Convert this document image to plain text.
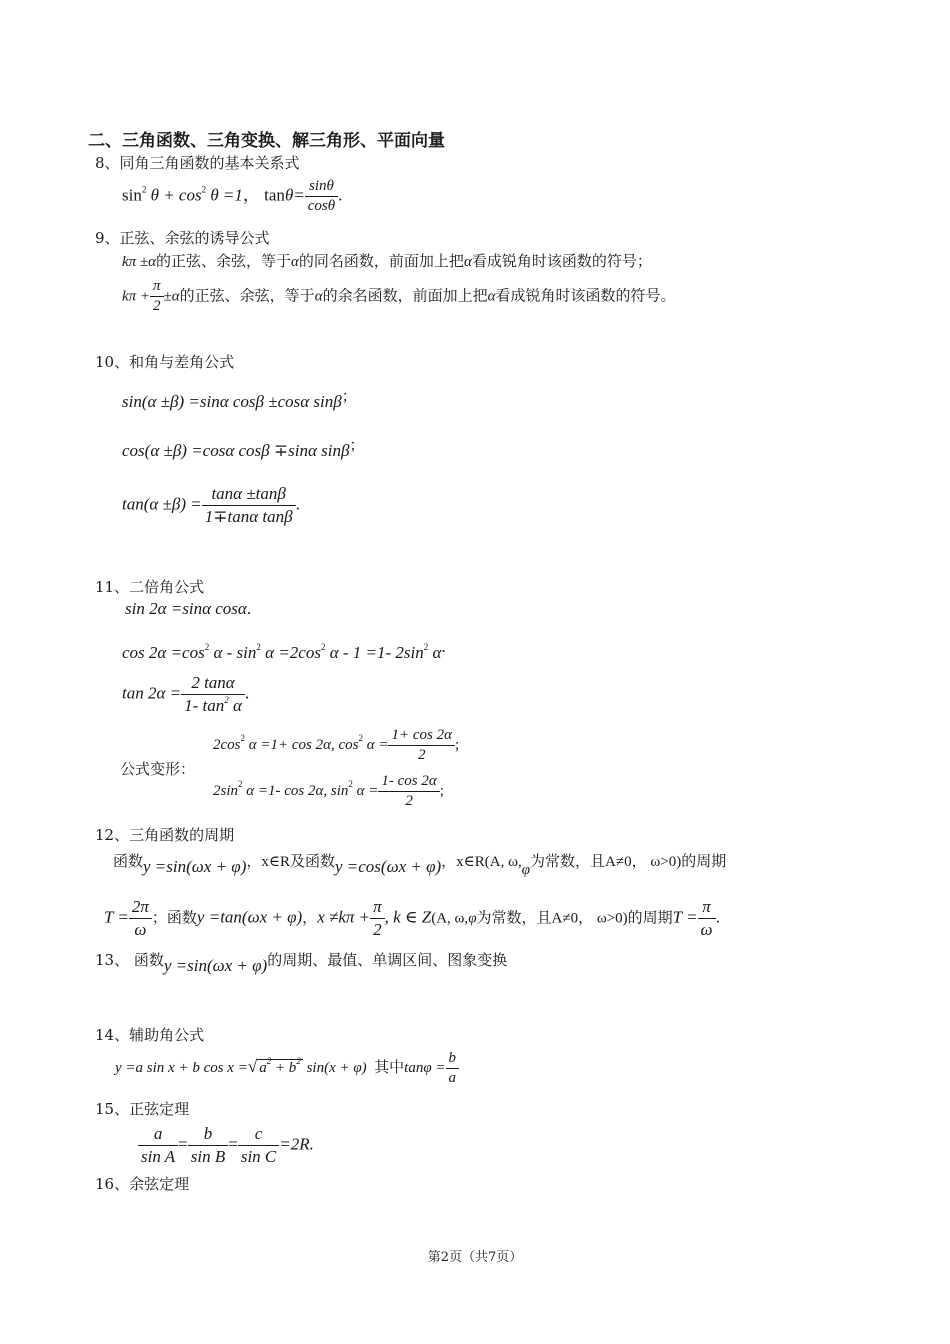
二、三角函数、三角变换、解三角形、平面向量
8、同角三角函数的基本关系式
$\sin^2 \theta + \cos^2 \theta =1$， $\tan\theta= \frac{\sin\theta}{\cos\theta}$ .
9、正弦、余弦的诱导公式
kπ ±α的正弦、余弦，等于α的同名函数，前面加上把α看成锐角时该函数的符号；
$k\pi + \frac{\pi}{2} \pm\alpha$的正弦、余弦，等于α的余名函数，前面加上把α看成锐角时该函数的符号。
10、和角与差角公式
sin(α ±β) =sinα cosβ ±cosα sinβ；
cos(α ±β) =cosα cosβ ∓sinα sinβ；
$\tan(\alpha \pm\beta) = \frac{\tan\alpha \pm\tan\beta}{\text{1∓tanα tanβ}}$ .
11、二倍角公式
sin 2α =sinα cosα.
$\cos 2\alpha =\cos^2$ $\alpha - \sin^2 \alpha =2\cos^2$ α - 1 =1- $2\sin^2$ α.
$\tan 2\alpha = \frac{2 \tan\alpha}{1- \tan^2 \alpha}$ .
公式变形：
$2\cos^2$ α =1+ cos 2α, $\cos^2 \alpha = \frac{1+ \cos 2\alpha}{2}$ ;
$2\sin^2$ α =1- cos 2α, $\sin^2 \alpha = \frac{1- \cos 2\alpha}{2}$ ;
12、三角函数的周期
函数y =sin(ωx + φ)，x∈R及函数y =cos(ωx + φ)，x∈R(A, ω,φ为常数，且A≠0， ω>0)的周期
$T = \frac{2\pi}{\omega}$ ；函数y =tan(ωx + φ)，$x \ne k\pi + \frac{\pi}{2}$ , k ∈ Z(A, ω,φ为常数，且A≠0， ω>0)的周期$T = \frac{\pi}{\omega}$ .
13、 函数y =sin(ωx + φ)的周期、最值、单调区间、图象变换
14、辅助角公式
y =a sin x + b cos x =√ $a^2 + b^2$ sin(x + φ) 其中$\tan\varphi = \frac{b}{a}$
15、正弦定理
$\frac{a}{\text{sin A}} = \frac{b}{\text{sin B}} = \frac{c}{\text{sin C}} =2R$.
16、余弦定理
第2页（共7页）
